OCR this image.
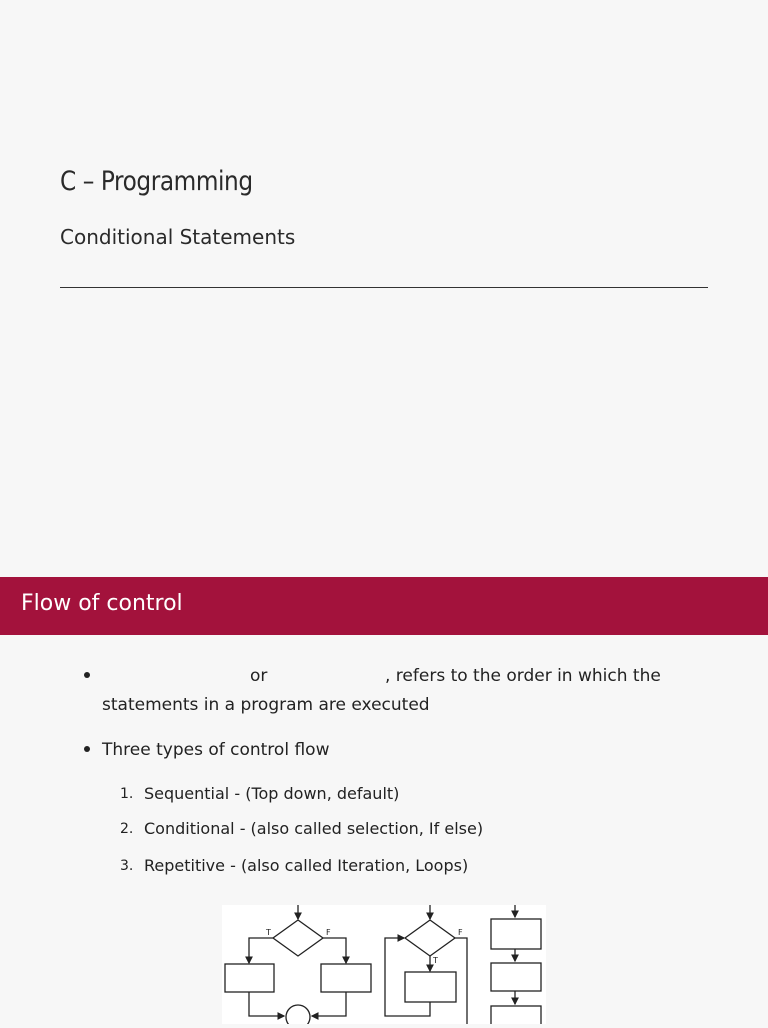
C – Programming
Conditional Statements
Flow of control
or	, refers to the order in which the
statements in a program are executed
Three types of control flow
1. Sequential - (Top down, default)
2. Conditional - (also called selection, If else)
3. Repetitive - (also called Iteration, Loops)
T	F	F
T
